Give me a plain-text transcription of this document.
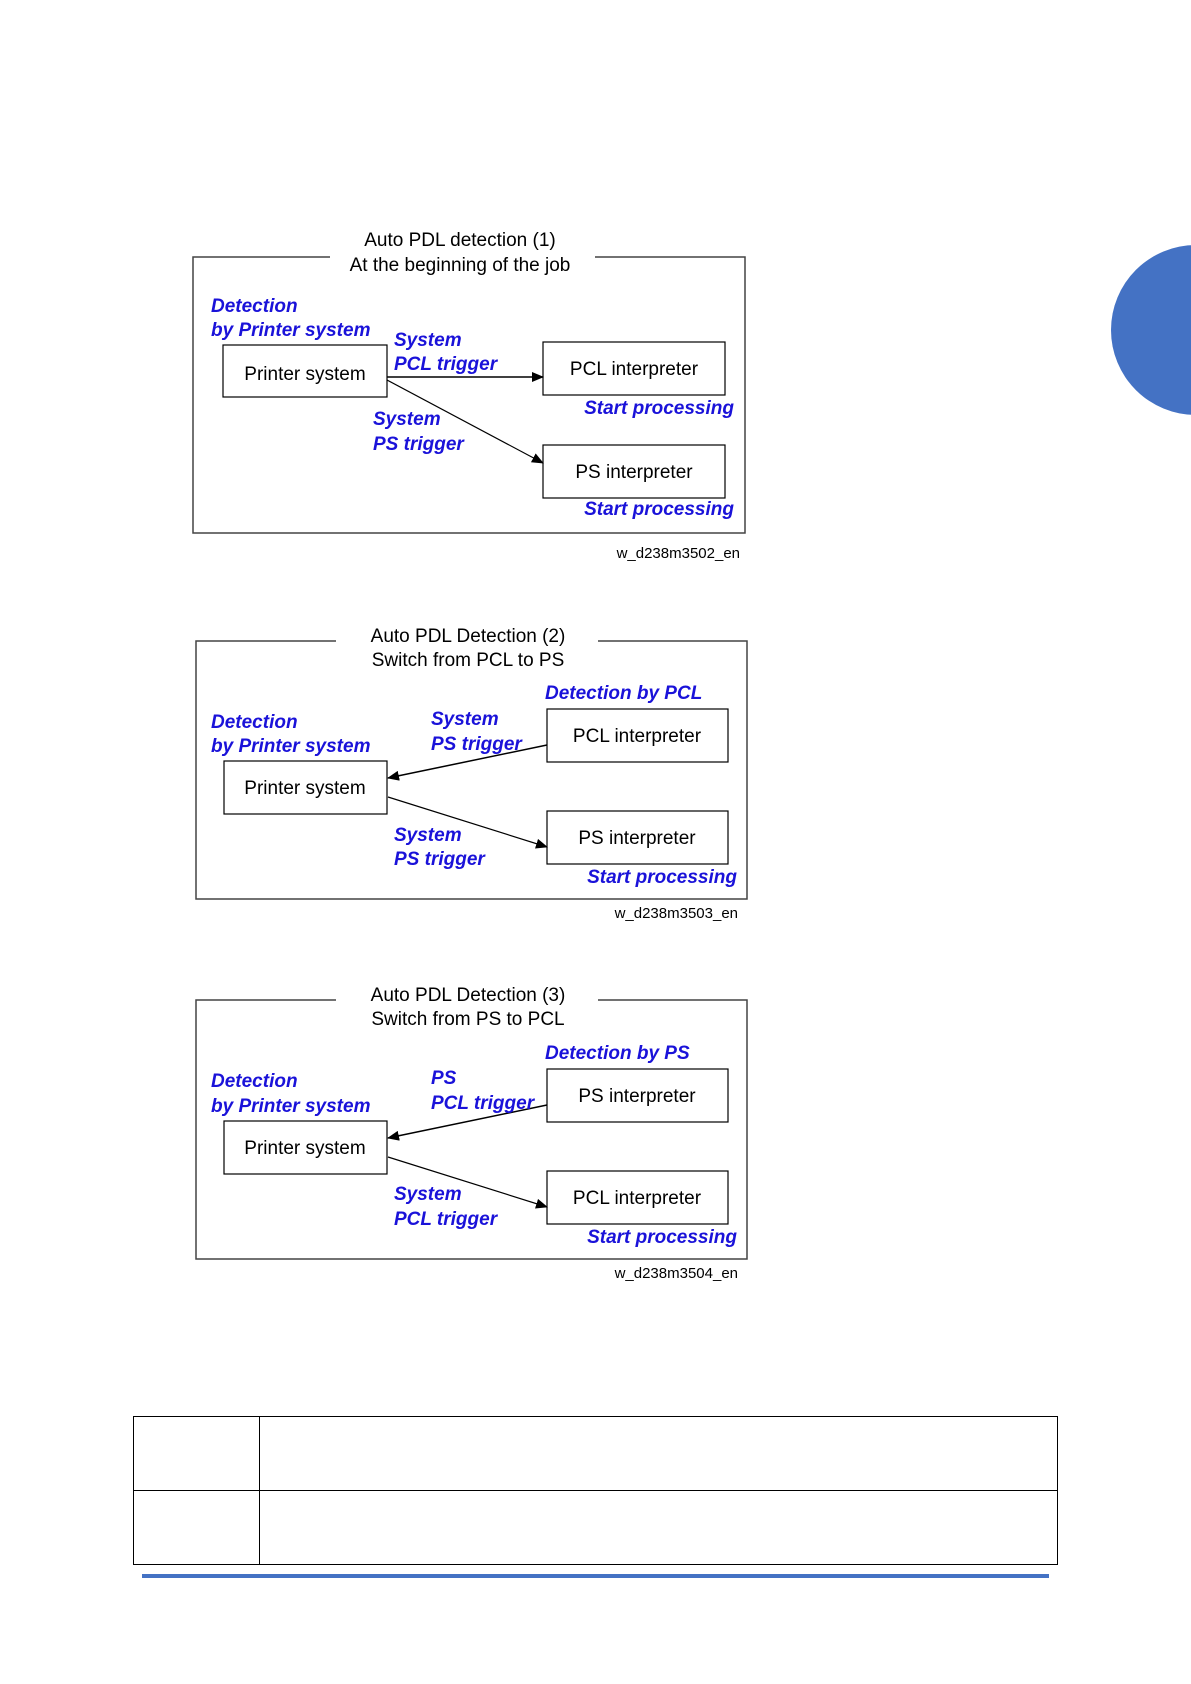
Auto PDL detection (1)
At the beginning of the job
Detection
by Printer system
Printer system	PCL interpreter
PS interpreter
System
PCL trigger
System
PS trigger
Start processing
Start processing
w_d238m3502_en
Auto PDL Detection (2)
Switch from PCL to PS
Detection
by Printer system
Detection by PCL
Printer system
PCL interpreter
PS interpreter
System
PS trigger
System
PS trigger
Start processing
w_d238m3503_en
Auto PDL Detection (3)
Switch from PS to PCL
Detection
by Printer system
Detection by PS
Printer system
PS interpreter
PCL interpreter
PS
PCL trigger
System
PCL trigger
Start processing
w_d238m3504_en
